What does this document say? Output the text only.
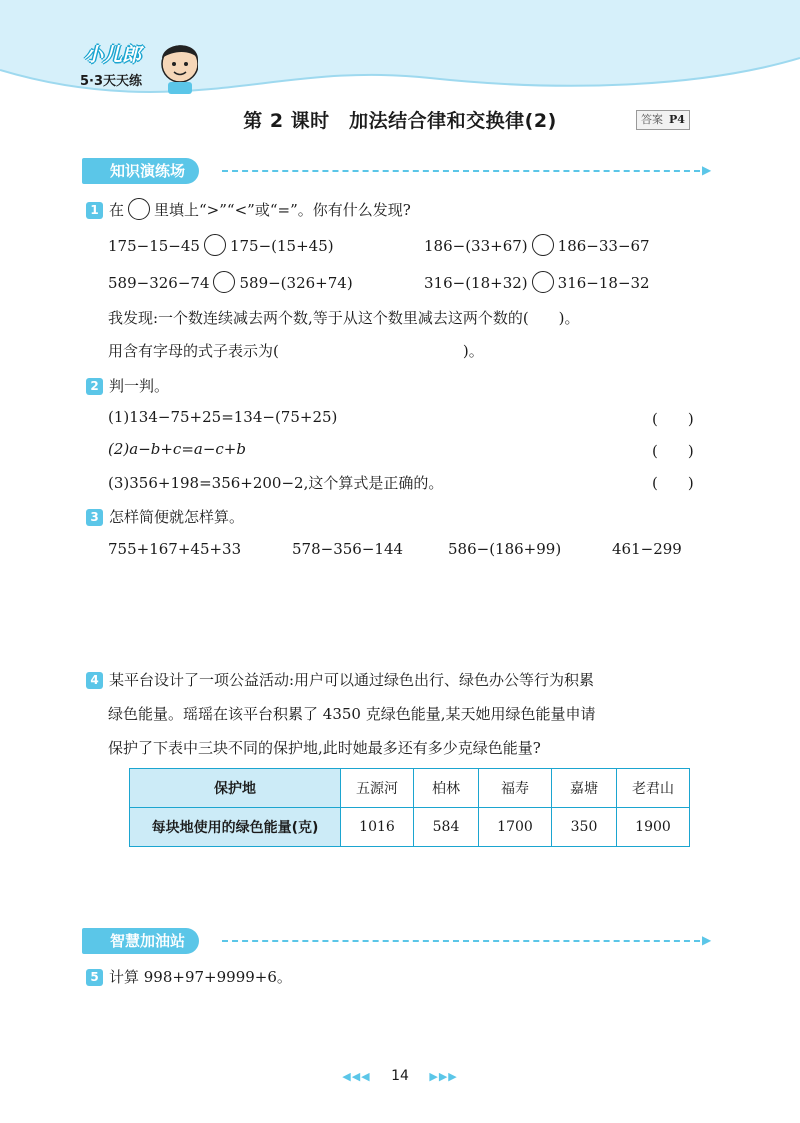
小儿郎
5·3天天练
第 2 课时　加法结合律和交换律(2)	答案 P4
知识演练场	▶
1 在 里填上“>”“<”或“=”。你有什么发现?
175−15−45 175−(15+45)	186−(33+67) 186−33−67
589−326−74 589−(326+74)	316−(18+32) 316−18−32
我发现:一个数连续减去两个数,等于从这个数里减去这两个数的(　　)。
用含有字母的式子表示为(	)。
2 判一判。
(1)134−75+25=134−(75+25)	(　　)
(2)a−b+c=a−c+b	(　　)
(3)356+198=356+200−2,这个算式是正确的。	(　　)
3 怎样简便就怎样算。
755+167+45+33	578−356−144	586−(186+99)	461−299
4 某平台设计了一项公益活动:用户可以通过绿色出行、绿色办公等行为积累
绿色能量。瑶瑶在该平台积累了 4350 克绿色能量,某天她用绿色能量申请
保护了下表中三块不同的保护地,此时她最多还有多少克绿色能量?
保护地	五源河	柏林	福寿	嘉塘	老君山
每块地使用的绿色能量(克)	1016	584	1700	350	1900
智慧加油站	▶
5 计算 998+97+9999+6。
◀◀◀ 14 ▶▶▶
